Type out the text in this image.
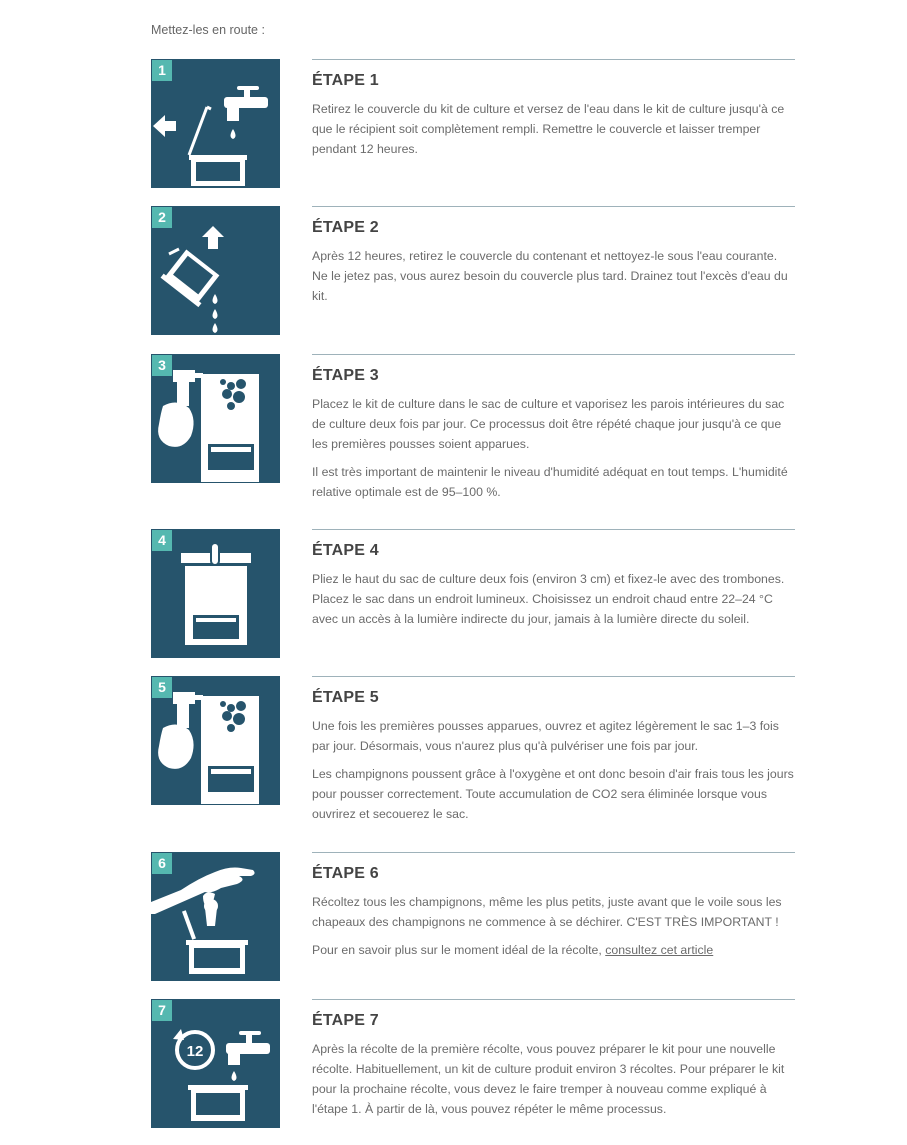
Mettez-les en route :
1
ÉTAPE 1

Retirez le couvercle du kit de culture et versez de l'eau dans le kit de culture jusqu'à ce que le récipient soit complètement rempli. Remettre le couvercle et laisser tremper pendant 12 heures.

2
ÉTAPE 2

Après 12 heures, retirez le couvercle du contenant et nettoyez-le sous l'eau courante. Ne le jetez pas, vous aurez besoin du couvercle plus tard. Drainez tout l'excès d'eau du kit.

3
ÉTAPE 3

Placez le kit de culture dans le sac de culture et vaporisez les parois intérieures du sac de culture deux fois par jour. Ce processus doit être répété chaque jour jusqu'à ce que les premières pousses soient apparues.

Il est très important de maintenir le niveau d'humidité adéquat en tout temps. L'humidité relative optimale est de 95–100 %.

4
ÉTAPE 4

Pliez le haut du sac de culture deux fois (environ 3 cm) et fixez-le avec des trombones. Placez le sac dans un endroit lumineux. Choisissez un endroit chaud entre 22–24 °C avec un accès à la lumière indirecte du jour, jamais à la lumière directe du soleil.

5
ÉTAPE 5

Une fois les premières pousses apparues, ouvrez et agitez légèrement le sac 1–3 fois par jour. Désormais, vous n'aurez plus qu'à pulvériser une fois par jour.

Les champignons poussent grâce à l'oxygène et ont donc besoin d'air frais tous les jours pour pousser correctement. Toute accumulation de CO2 sera éliminée lorsque vous ouvrirez et secouerez le sac.

6
ÉTAPE 6

Récoltez tous les champignons, même les plus petits, juste avant que le voile sous les chapeaux des champignons ne commence à se déchirer. C'EST TRÈS IMPORTANT !

Pour en savoir plus sur le moment idéal de la récolte, consultez cet article

12
7
ÉTAPE 7

Après la récolte de la première récolte, vous pouvez préparer le kit pour une nouvelle récolte. Habituellement, un kit de culture produit environ 3 récoltes. Pour préparer le kit pour la prochaine récolte, vous devez le faire tremper à nouveau comme expliqué à l'étape 1. À partir de là, vous pouvez répéter le même processus.
